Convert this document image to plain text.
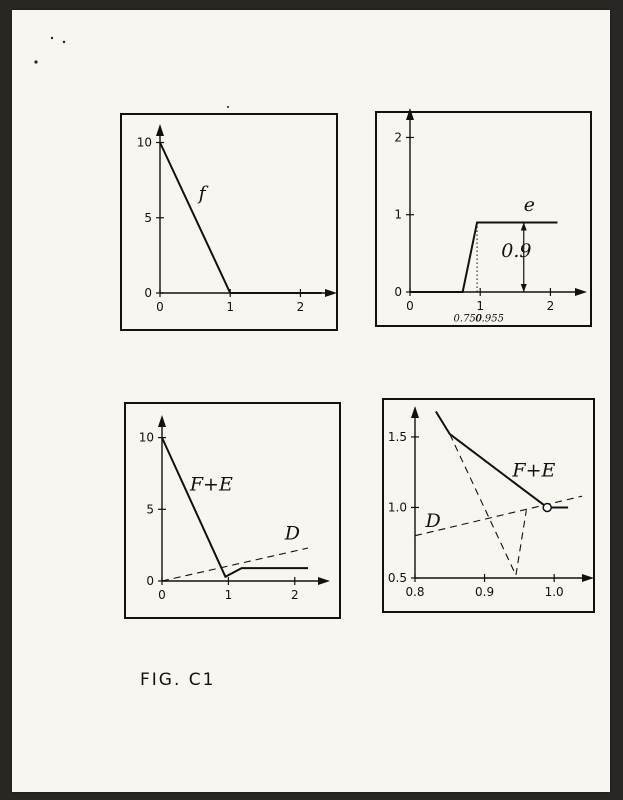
0	1	2
0
5
10
f
0	1	2
0
1
2
e
0.9
0.750
0.955
0	1	2
0
5
10
F+E
D
0.8	0.9	1.0
0.5
1.0
1.5
F+E
D
FIG. C1
